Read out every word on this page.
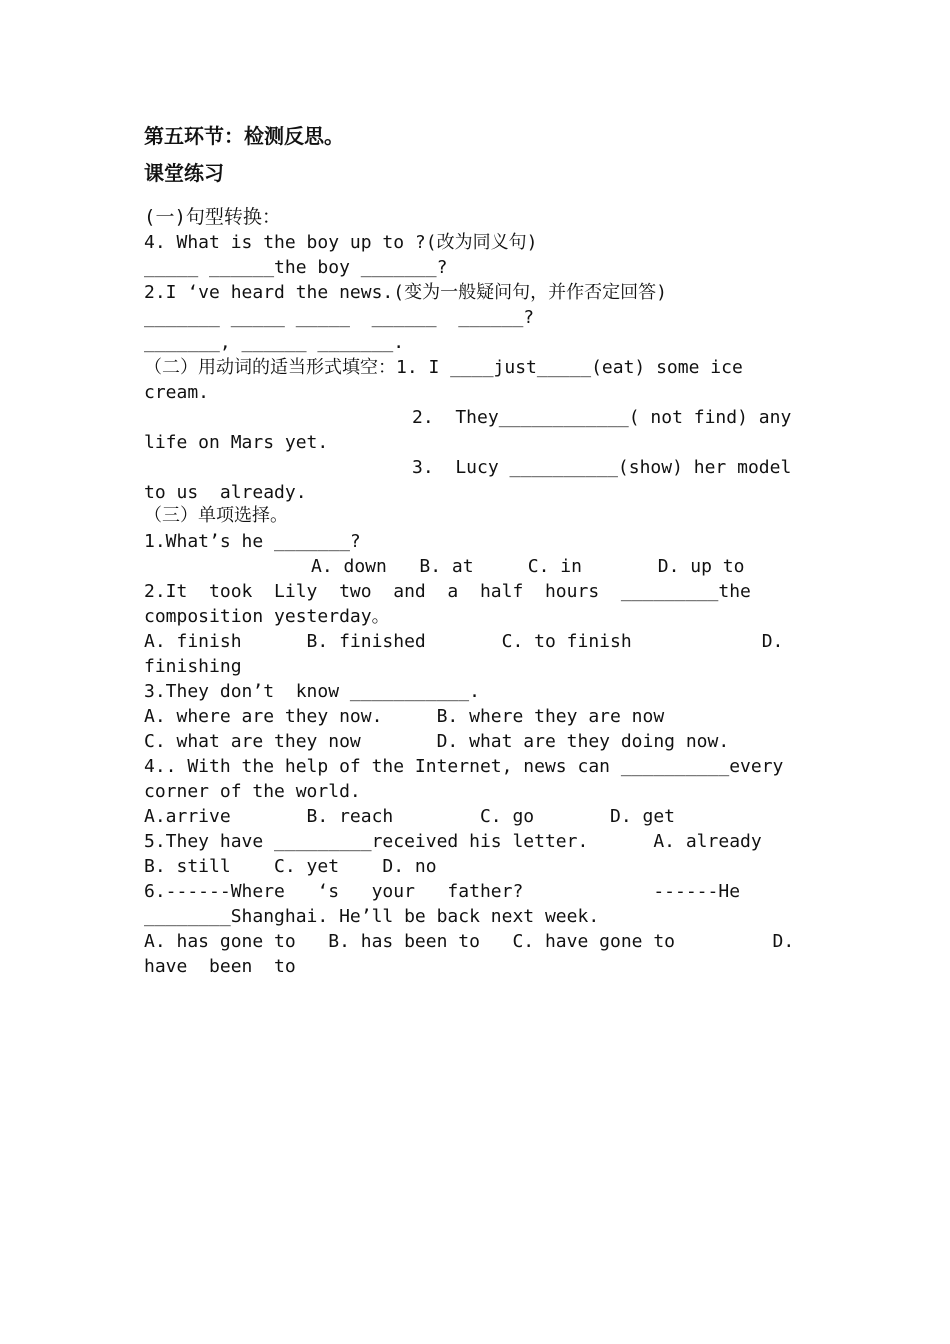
第五环节：检测反思。
课堂练习
(一)句型转换：
4. What is the boy up to ?(改为同义句)
_____ ______the boy _______?
2.I ‘ve heard the news.(变为一般疑问句，并作否定回答)
_______ _____ _____  ______  ______?
_______, ______ _______.
（二）用动词的适当形式填空：1. I ____just_____(eat) some ice
cream.
2.  They____________( not find) any
life on Mars yet.
3.  Lucy __________(show) her model
to us  already.
（三）单项选择。
1.What’s he _______?
A. down   B. at     C. in       D. up to
2.It  took  Lily  two  and  a  half  hours  _________the
composition yesterday。
A. finish      B. finished       C. to finish            D.
finishing
3.They don’t  know ___________.
A. where are they now.     B. where they are now
C. what are they now       D. what are they doing now.
4.. With the help of the Internet, news can __________every
corner of the world.
A.arrive       B. reach        C. go       D. get
5.They have _________received his letter.      A. already
B. still    C. yet    D. no
6.------Where   ‘s   your   father?            ------He
________Shanghai. He’ll be back next week.
A. has gone to   B. has been to   C. have gone to         D.
have  been  to
